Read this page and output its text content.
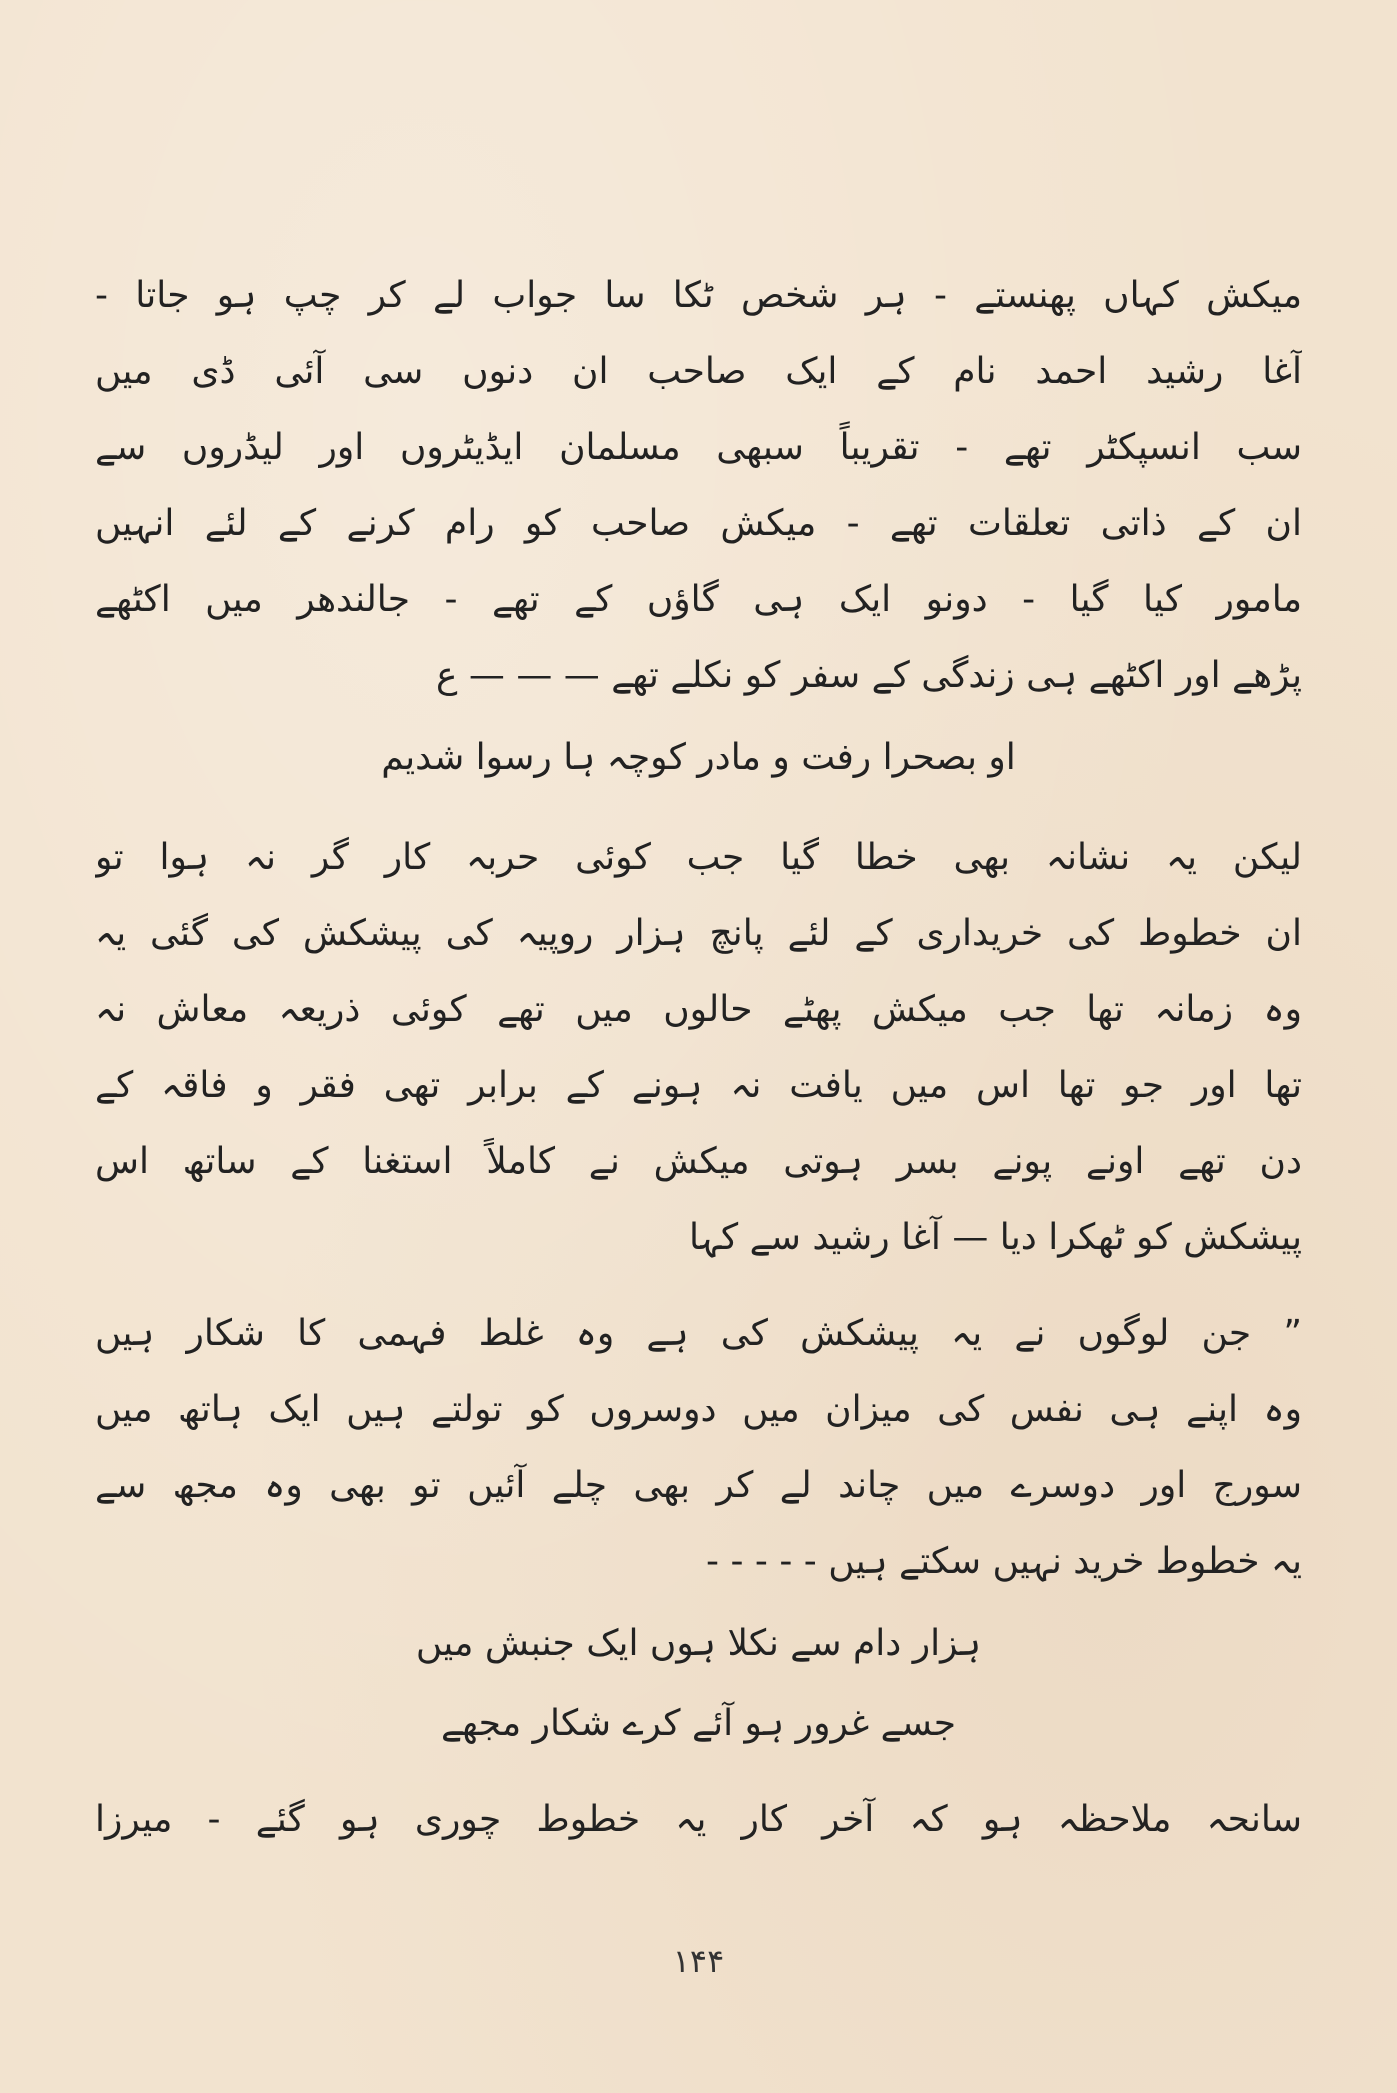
میکش کہاں پھنستے - ہر شخص ٹکا سا جواب لے کر چپ ہو جاتا -
آغا رشید احمد نام کے ایک صاحب ان دنوں سی آئی ڈی میں
سب انسپکٹر تھے - تقریباً سبھی مسلمان ایڈیٹروں اور لیڈروں سے
ان کے ذاتی تعلقات تھے - میکش صاحب کو رام کرنے کے لئے انہیں
مامور کیا گیا - دونو ایک ہی گاؤں کے تھے - جالندھر میں اکٹھے
پڑھے اور اکٹھے ہی زندگی کے سفر کو نکلے تھے — — — ع
او بصحرا رفت و مادر کوچہ ہا رسوا شدیم
لیکن یہ نشانہ بھی خطا گیا جب کوئی حربہ کار گر نہ ہوا تو
ان خطوط کی خریداری کے لئے پانچ ہزار روپیہ کی پیشکش کی گئی یہ
وہ زمانہ تھا جب میکش پھٹے حالوں میں تھے کوئی ذریعہ معاش نہ
تھا اور جو تھا اس میں یافت نہ ہونے کے برابر تھی فقر و فاقہ کے
دن تھے اونے پونے بسر ہوتی میکش نے کاملاً استغنا کے ساتھ اس
پیشکش کو ٹھکرا دیا — آغا رشید سے کہا
” جن لوگوں نے یہ پیشکش کی ہے وہ غلط فہمی کا شکار ہیں
وہ اپنے ہی نفس کی میزان میں دوسروں کو تولتے ہیں ایک ہاتھ میں
سورج اور دوسرے میں چاند لے کر بھی چلے آئیں تو بھی وہ مجھ سے
یہ خطوط خرید نہیں سکتے ہیں - - - - -
ہزار دام سے نکلا ہوں ایک جنبش میں
جسے غرور ہو آئے کرے شکار مجھے
سانحہ ملاحظہ ہو کہ آخر کار یہ خطوط چوری ہو گئے - میرزا
۱۴۴
